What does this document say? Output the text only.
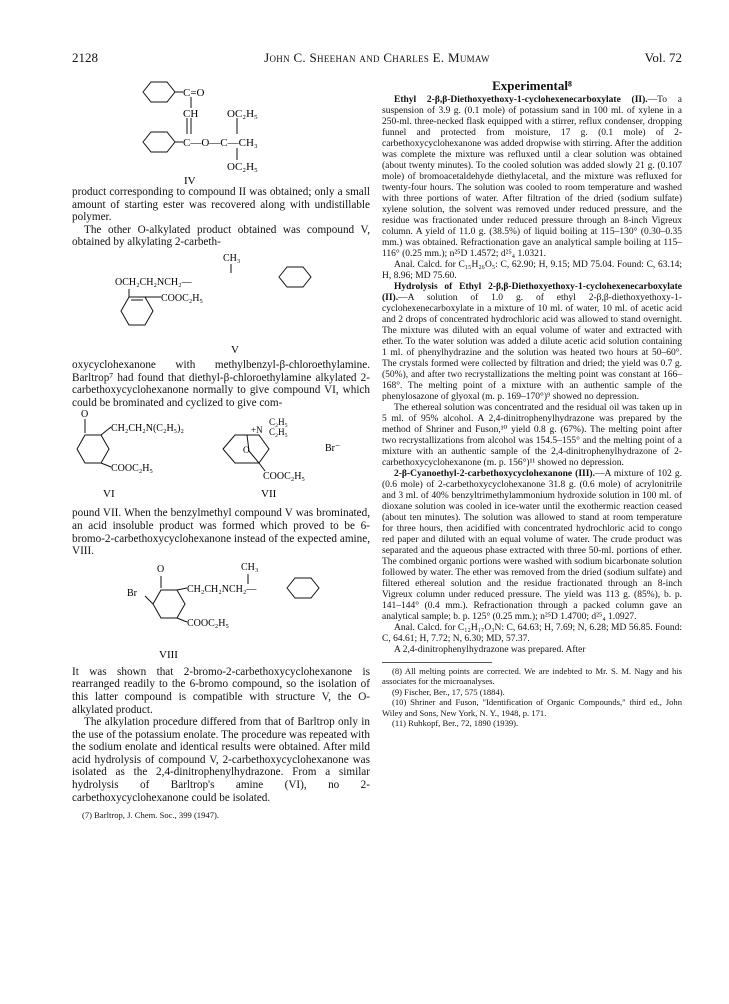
2128	John C. Sheehan and Charles E. Mumaw	Vol. 72
C=O
CH	OC₂H₅
C—O—C—CH₃
OC₂H₅
IV

product corresponding to compound II was obtained; only a small amount of starting ester was recovered along with undistillable polymer.

The other O-alkylated product obtained was compound V, obtained by alkylating 2-carbeth-

CH₃
OCH₂CH₂NCH₂—
COOC₂H₅
V

oxycyclohexanone with methylbenzyl-β-chloroethylamine. Barltrop⁷ had found that diethyl-β-chloroethylamine alkylated 2-carbethoxycyclohexanone normally to give compound VI, which could be brominated and cyclized to give com-

O
CH₂CH₂N(C₂H₅)₂
COOC₂H₅
VI
C₂H₅
C₂H₅
+N
O	Br⁻
COOC₂H₅
VII

pound VII. When the benzylmethyl compound V was brominated, an acid insoluble product was formed which proved to be 6-bromo-2-carbethoxycyclohexanone instead of the expected amine, VIII.

CH₃
O
Br	CH₂CH₂NCH₂—
COOC₂H₅
VIII

It was shown that 2-bromo-2-carbethoxycyclohexanone is rearranged readily to the 6-bromo compound, so the isolation of this latter compound is compatible with structure V, the O-alkylated product.

The alkylation procedure differed from that of Barltrop only in the use of the potassium enolate. The procedure was repeated with the sodium enolate and identical results were obtained. After mild acid hydrolysis of compound V, 2-carbethoxycyclohexanone was isolated as the 2,4-dinitrophenylhydrazone. From a similar hydrolysis of Barltrop's amine (VI), no 2-carbethoxycyclohexanone could be isolated.

(7) Barltrop, J. Chem. Soc., 399 (1947).

Experimental⁸

Ethyl 2-β,β-Diethoxyethoxy-1-cyclohexenecarboxylate (II).—To a suspension of 3.9 g. (0.1 mole) of potassium sand in 100 ml. of xylene in a 250-ml. three-necked flask equipped with a stirrer, reflux condenser, dropping funnel and protected from moisture, 17 g. (0.1 mole) of 2-carbethoxycyclohexanone was added dropwise with stirring. After the addition was complete the mixture was refluxed until a clear solution was obtained (about twenty minutes). To the cooled solution was added slowly 21 g. (0.107 mole) of bromoacetaldehyde diethylacetal, and the mixture was refluxed for twenty-four hours. The solution was cooled to room temperature and washed with three portions of water. After filtration of the dried (sodium sulfate) xylene solution, the solvent was removed under reduced pressure, and the residue was fractionated under reduced pressure through an 8-inch Vigreux column. A yield of 11.0 g. (38.5%) of liquid boiling at 115–130° (0.30–0.35 mm.) was obtained. Refractionation gave an analytical sample boiling at 115–116° (0.25 mm.); n²⁵D 1.4572; d²⁵₄ 1.0321.

Anal. Calcd. for C₁₅H₂₆O₅: C, 62.90; H, 9.15; MD 75.04. Found: C, 63.14; H, 8.96; MD 75.60.

Hydrolysis of Ethyl 2-β,β-Diethoxyethoxy-1-cyclohexenecarboxylate (II).—A solution of 1.0 g. of ethyl 2-β,β-diethoxyethoxy-1-cyclohexenecarboxylate in a mixture of 10 ml. of water, 10 ml. of acetic acid and 2 drops of concentrated hydrochloric acid was allowed to stand overnight. The mixture was diluted with an equal volume of water and extracted with ether. To the water solution was added a dilute acetic acid solution containing 1 ml. of phenylhydrazine and the solution was heated two hours at 50–60°. The crystals formed were collected by filtration and dried; the yield was 0.7 g. (50%), and after two recrystallizations the melting point was constant at 166–168°. The melting point of a mixture with an authentic sample of the phenylosazone of glyoxal (m. p. 169–170°)⁹ showed no depression.

The ethereal solution was concentrated and the residual oil was taken up in 5 ml. of 95% alcohol. A 2,4-dinitrophenylhydrazone was prepared by the method of Shriner and Fuson,¹⁰ yield 0.8 g. (67%). The melting point after two recrystallizations from alcohol was 154.5–155° and the melting point of a mixture with an authentic sample of the 2,4-dinitrophenylhydrazone of 2-carbethoxycyclohexanone (m. p. 156°)¹¹ showed no depression.

2-β-Cyanoethyl-2-carbethoxycyclohexanone (III).—A mixture of 102 g. (0.6 mole) of 2-carbethoxycyclohexanone 31.8 g. (0.6 mole) of acrylonitrile and 3 ml. of 40% benzyltrimethylammonium hydroxide solution in 100 ml. of dioxane solution was cooled in ice-water until the exothermic reaction ceased (about ten minutes). The solution was allowed to stand at room temperature for three hours, then acidified with concentrated hydrochloric acid to congo red paper and diluted with an equal volume of water. The crude product was separated and the aqueous phase extracted with three 50-ml. portions of ether. The combined organic portions were washed with sodium bicarbonate solution followed by water. The ether was removed from the dried (sodium sulfate) and filtered ethereal solution and the residue fractionated through an 8-inch Vigreux column under reduced pressure. The yield was 113 g. (85%), b. p. 141–144° (0.4 mm.). Refractionation through a packed column gave an analytical sample; b. p. 125° (0.25 mm.); n²⁵D 1.4700; d²⁵₄ 1.0927.

Anal. Calcd. for C₁₂H₁₇O₃N: C, 64.63; H, 7.69; N, 6.28; MD 56.85. Found: C, 64.61; H, 7.72; N, 6.30; MD, 57.37.

A 2,4-dinitrophenylhydrazone was prepared. After

(8) All melting points are corrected. We are indebted to Mr. S. M. Nagy and his associates for the microanalyses.

(9) Fischer, Ber., 17, 575 (1884).

(10) Shriner and Fuson, "Identification of Organic Compounds," third ed., John Wiley and Sons, New York, N. Y., 1948, p. 171.

(11) Ruhkopf, Ber., 72, 1890 (1939).
